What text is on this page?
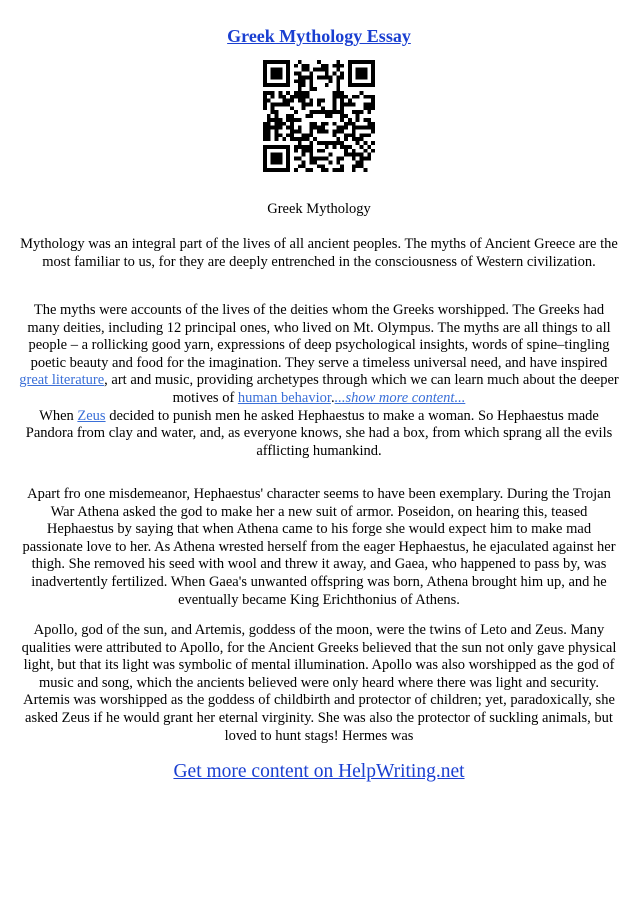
Greek Mythology Essay
Greek Mythology

Mythology was an integral part of the lives of all ancient peoples. The myths of Ancient Greece are the most familiar to us, for they are deeply entrenched in the consciousness of Western civilization.

The myths were accounts of the lives of the deities whom the Greeks worshipped. The Greeks had many deities, including 12 principal ones, who lived on Mt. Olympus. The myths are all things to all people – a rollicking good yarn, expressions of deep psychological insights, words of spine–tingling poetic beauty and food for the imagination. They serve a timeless universal need, and have inspired great literature, art and music, providing archetypes through which we can learn much about the deeper motives of human behavior....show more content...

When Zeus decided to punish men he asked Hephaestus to make a woman. So Hephaestus made Pandora from clay and water, and, as everyone knows, she had a box, from which sprang all the evils afflicting humankind.

Apart fro one misdemeanor, Hephaestus' character seems to have been exemplary. During the Trojan War Athena asked the god to make her a new suit of armor. Poseidon, on hearing this, teased Hephaestus by saying that when Athena came to his forge she would expect him to make mad passionate love to her. As Athena wrested herself from the eager Hephaestus, he ejaculated against her thigh. She removed his seed with wool and threw it away, and Gaea, who happened to pass by, was inadvertently fertilized. When Gaea's unwanted offspring was born, Athena brought him up, and he eventually became King Erichthonius of Athens.

Apollo, god of the sun, and Artemis, goddess of the moon, were the twins of Leto and Zeus. Many qualities were attributed to Apollo, for the Ancient Greeks believed that the sun not only gave physical light, but that its light was symbolic of mental illumination. Apollo was also worshipped as the god of music and song, which the ancients believed were only heard where there was light and security. Artemis was worshipped as the goddess of childbirth and protector of children; yet, paradoxically, she asked Zeus if he would grant her eternal virginity. She was also the protector of suckling animals, but loved to hunt stags! Hermes was

Get more content on HelpWriting.net
